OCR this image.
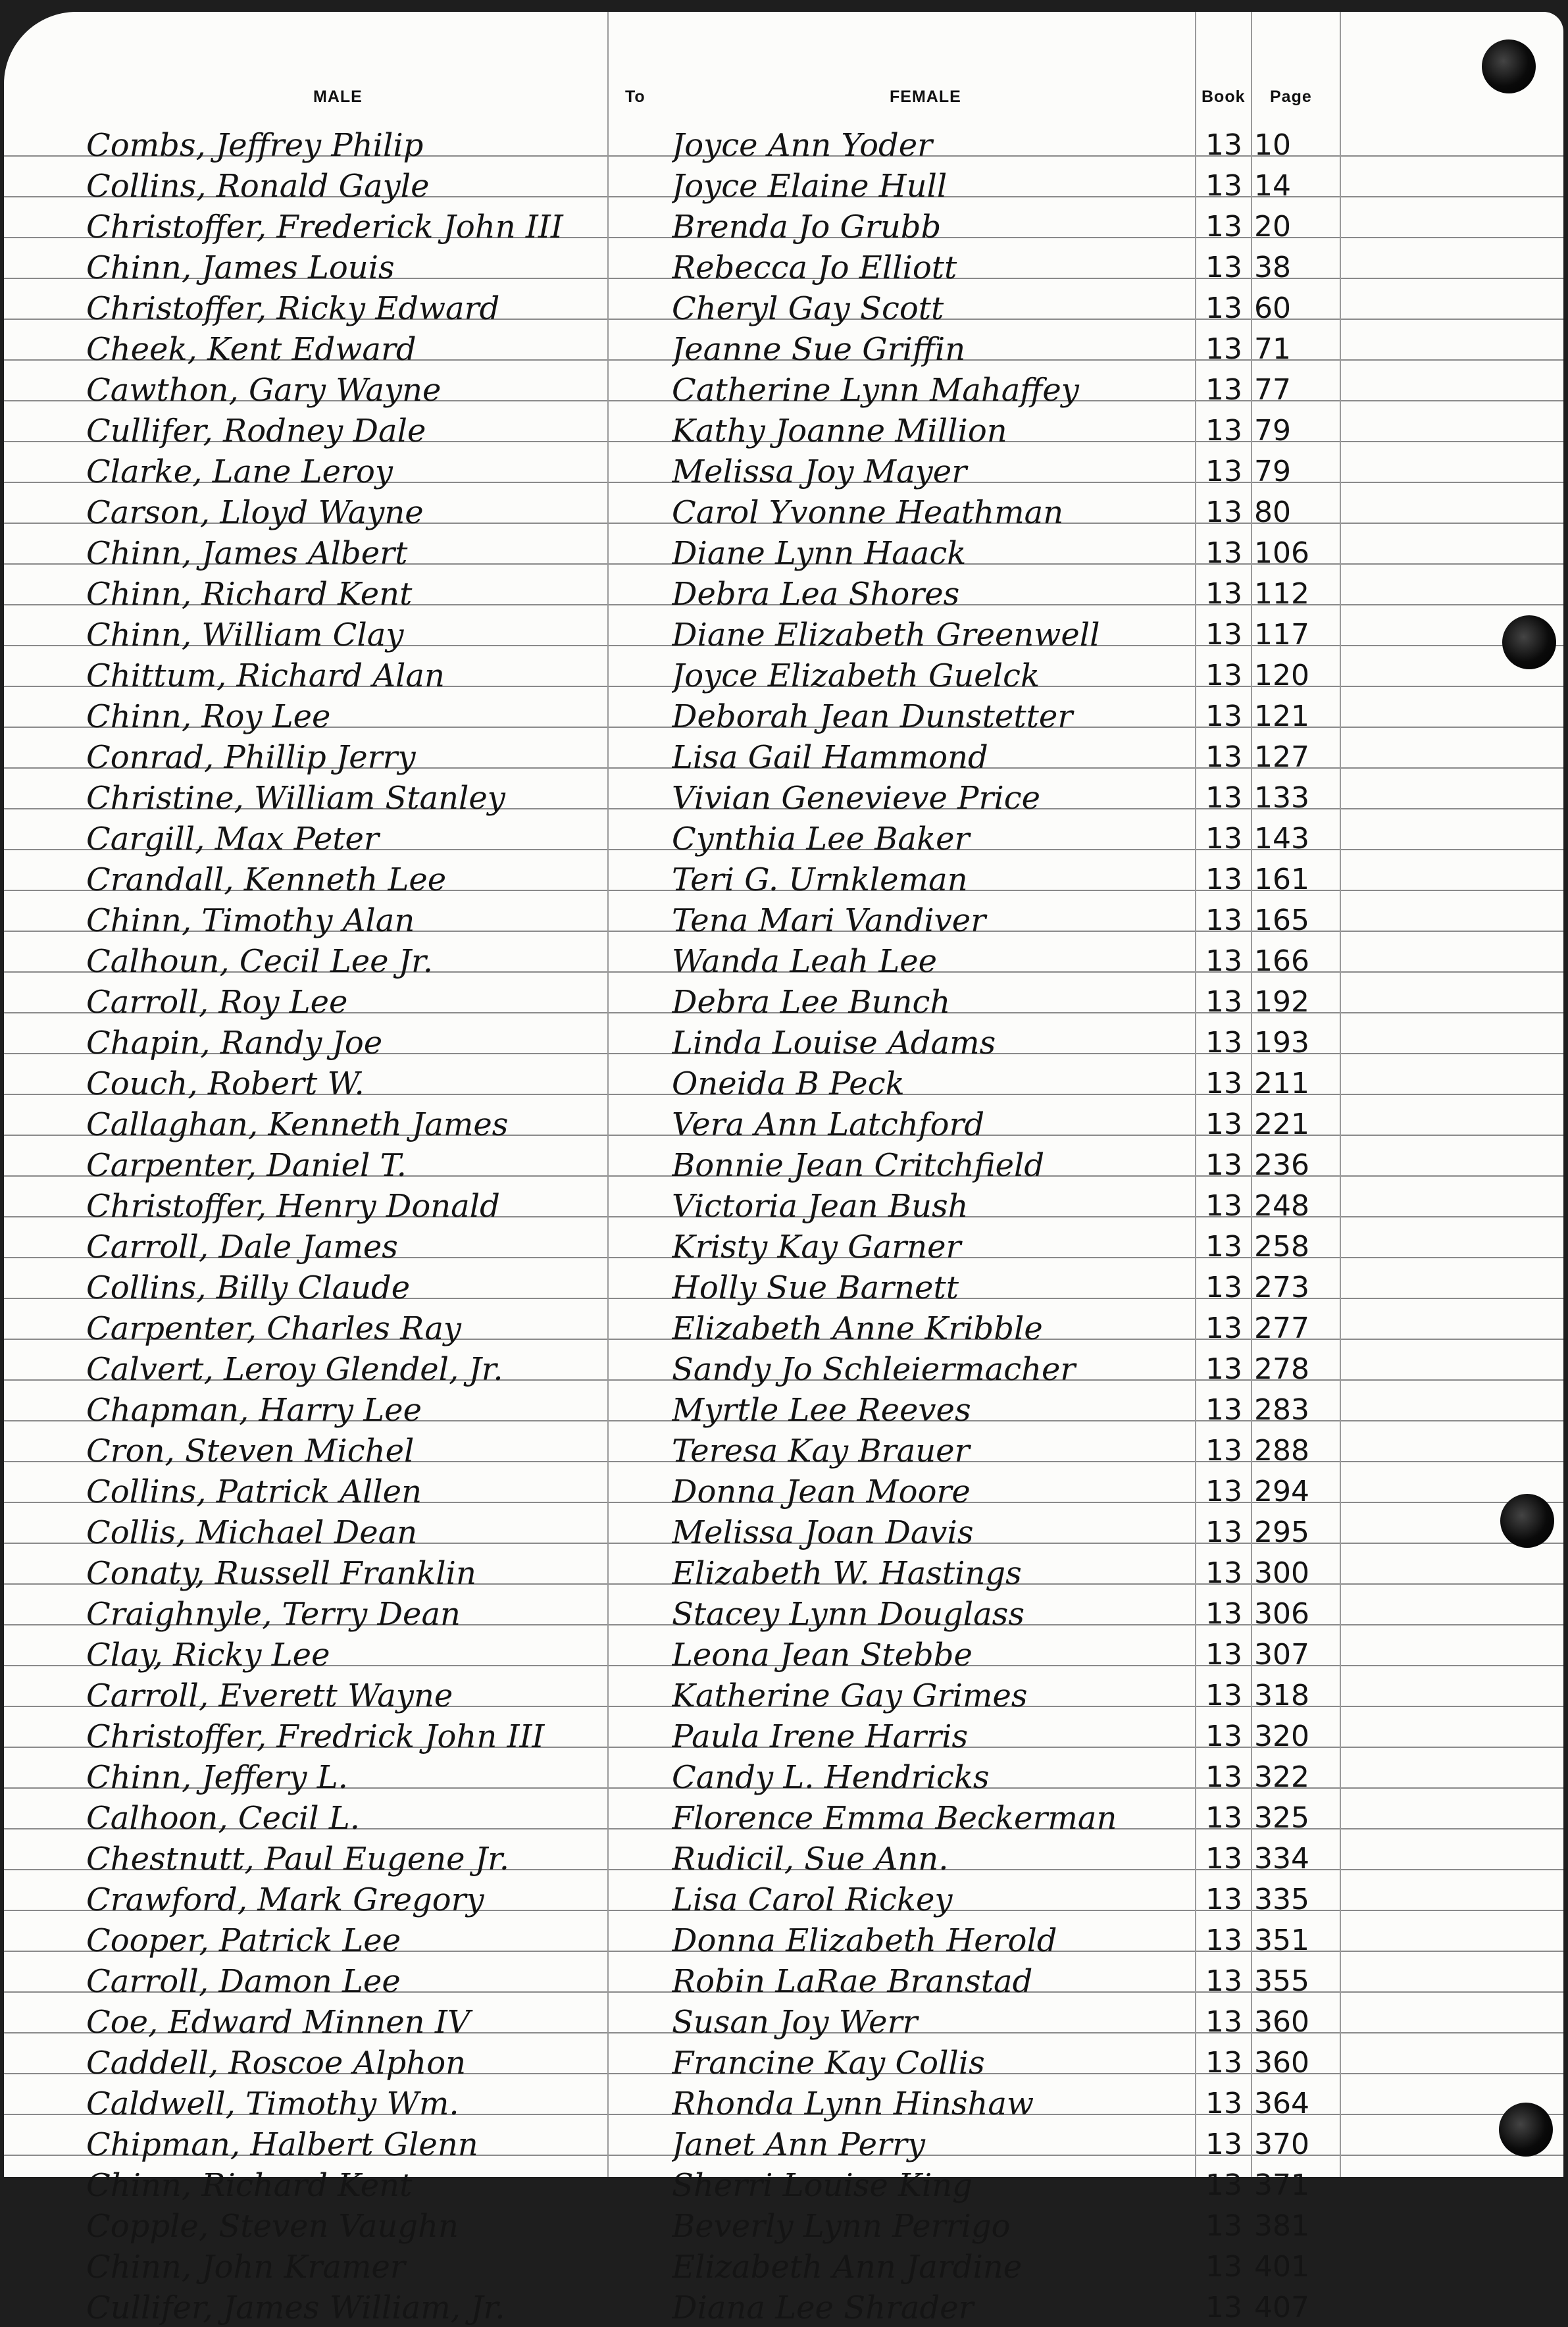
MALE	To	FEMALE	Book Page
Combs, Jeffrey Philip	Joyce Ann Yoder	13 10
Collins, Ronald Gayle	Joyce Elaine Hull	13 14
Christoffer, Frederick John III	Brenda Jo Grubb	13 20
Chinn, James Louis	Rebecca Jo Elliott	13 38
Christoffer, Ricky Edward	Cheryl Gay Scott	13 60
Cheek, Kent Edward	Jeanne Sue Griffin	13 71
Cawthon, Gary Wayne	Catherine Lynn Mahaffey	13 77
Cullifer, Rodney Dale	Kathy Joanne Million	13 79
Clarke, Lane Leroy	Melissa Joy Mayer	13 79
Carson, Lloyd Wayne	Carol Yvonne Heathman	13 80
Chinn, James Albert	Diane Lynn Haack	13 106
Chinn, Richard Kent	Debra Lea Shores	13 112
Chinn, William Clay	Diane Elizabeth Greenwell	13 117
Chittum, Richard Alan	Joyce Elizabeth Guelck	13 120
Chinn, Roy Lee	Deborah Jean Dunstetter	13 121
Conrad, Phillip Jerry	Lisa Gail Hammond	13 127
Christine, William Stanley	Vivian Genevieve Price	13 133
Cargill, Max Peter	Cynthia Lee Baker	13 143
Crandall, Kenneth Lee	Teri G. Urnkleman	13 161
Chinn, Timothy Alan	Tena Mari Vandiver	13 165
Calhoun, Cecil Lee Jr.	Wanda Leah Lee	13 166
Carroll, Roy Lee	Debra Lee Bunch	13 192
Chapin, Randy Joe	Linda Louise Adams	13 193
Couch, Robert W.	Oneida B Peck	13 211
Callaghan, Kenneth James	Vera Ann Latchford	13 221
Carpenter, Daniel T.	Bonnie Jean Critchfield	13 236
Christoffer, Henry Donald	Victoria Jean Bush	13 248
Carroll, Dale James	Kristy Kay Garner	13 258
Collins, Billy Claude	Holly Sue Barnett	13 273
Carpenter, Charles Ray	Elizabeth Anne Kribble	13 277
Calvert, Leroy Glendel, Jr.	Sandy Jo Schleiermacher	13 278
Chapman, Harry Lee	Myrtle Lee Reeves	13 283
Cron, Steven Michel	Teresa Kay Brauer	13 288
Collins, Patrick Allen	Donna Jean Moore	13 294
Collis, Michael Dean	Melissa Joan Davis	13 295
Conaty, Russell Franklin	Elizabeth W. Hastings	13 300
Craighnyle, Terry Dean	Stacey Lynn Douglass	13 306
Clay, Ricky Lee	Leona Jean Stebbe	13 307
Carroll, Everett Wayne	Katherine Gay Grimes	13 318
Christoffer, Fredrick John III	Paula Irene Harris	13 320
Chinn, Jeffery L.	Candy L. Hendricks	13 322
Calhoon, Cecil L.	Florence Emma Beckerman	13 325
Chestnutt, Paul Eugene Jr.	Rudicil, Sue Ann.	13 334
Crawford, Mark Gregory	Lisa Carol Rickey	13 335
Cooper, Patrick Lee	Donna Elizabeth Herold	13 351
Carroll, Damon Lee	Robin LaRae Branstad	13 355
Coe, Edward Minnen IV	Susan Joy Werr	13 360
Caddell, Roscoe Alphon	Francine Kay Collis	13 360
Caldwell, Timothy Wm.	Rhonda Lynn Hinshaw	13 364
Chipman, Halbert Glenn	Janet Ann Perry	13 370
Chinn, Richard Kent	Sherri Louise King	13 371
Copple, Steven Vaughn	Beverly Lynn Perrigo	13 381
Chinn, John Kramer	Elizabeth Ann Jardine	13 401
Cullifer, James William, Jr.	Diana Lee Shrader	13 407
